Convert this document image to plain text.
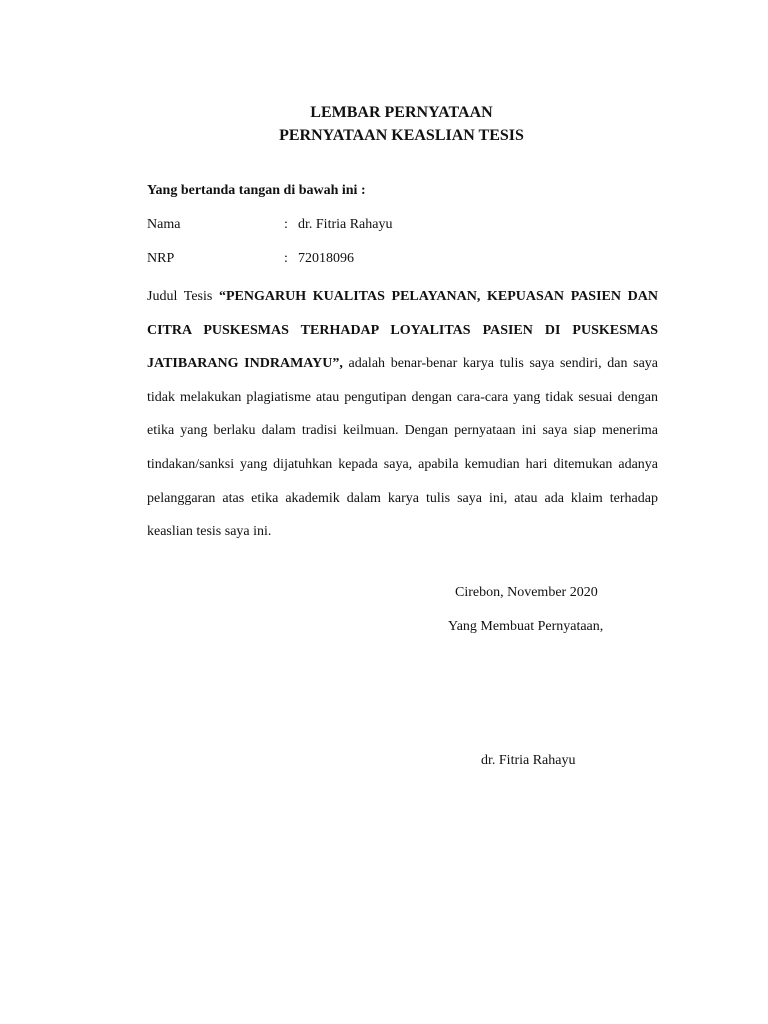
LEMBAR PERNYATAAN
PERNYATAAN KEASLIAN TESIS
Yang bertanda tangan di bawah ini :
Nama	: dr. Fitria Rahayu
NRP	: 72018096

Judul Tesis “PENGARUH KUALITAS PELAYANAN, KEPUASAN PASIEN DAN CITRA PUSKESMAS TERHADAP LOYALITAS PASIEN DI PUSKESMAS JATIBARANG INDRAMAYU”, adalah benar-benar karya tulis saya sendiri, dan saya tidak melakukan plagiatisme atau pengutipan dengan cara-cara yang tidak sesuai dengan etika yang berlaku dalam tradisi keilmuan. Dengan pernyataan ini saya siap menerima tindakan/sanksi yang dijatuhkan kepada saya, apabila kemudian hari ditemukan adanya pelanggaran atas etika akademik dalam karya tulis saya ini, atau ada klaim terhadap keaslian tesis saya ini.

Cirebon, November 2020
Yang Membuat Pernyataan,
dr. Fitria Rahayu
